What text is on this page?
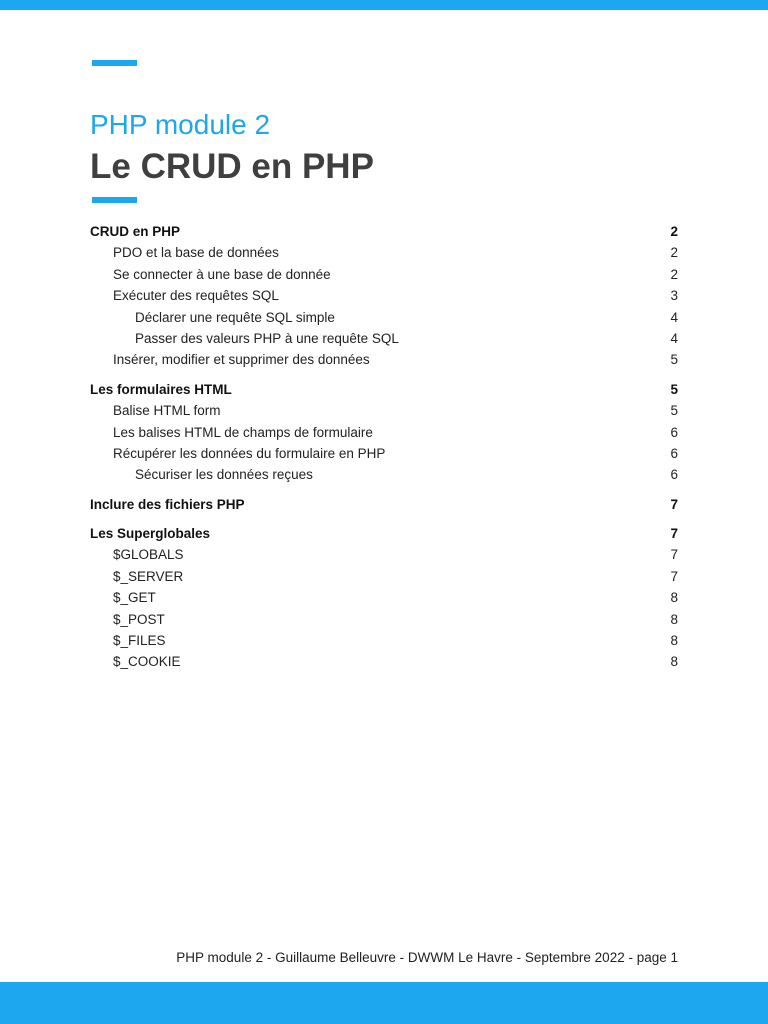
PHP module 2
Le CRUD en PHP
CRUD en PHP	2
PDO et la base de données	2
Se connecter à une base de donnée	2
Exécuter des requêtes SQL	3
Déclarer une requête SQL simple	4
Passer des valeurs PHP à une requête SQL	4
Insérer, modifier et supprimer des données	5
Les formulaires HTML	5
Balise HTML form	5
Les balises HTML de champs de formulaire	6
Récupérer les données du formulaire en PHP	6
Sécuriser les données reçues	6
Inclure des fichiers PHP	7
Les Superglobales	7
$GLOBALS	7
$_SERVER	7
$_GET	8
$_POST	8
$_FILES	8
$_COOKIE	8
PHP module 2 - Guillaume Belleuvre - DWWM Le Havre - Septembre 2022 - page 1
